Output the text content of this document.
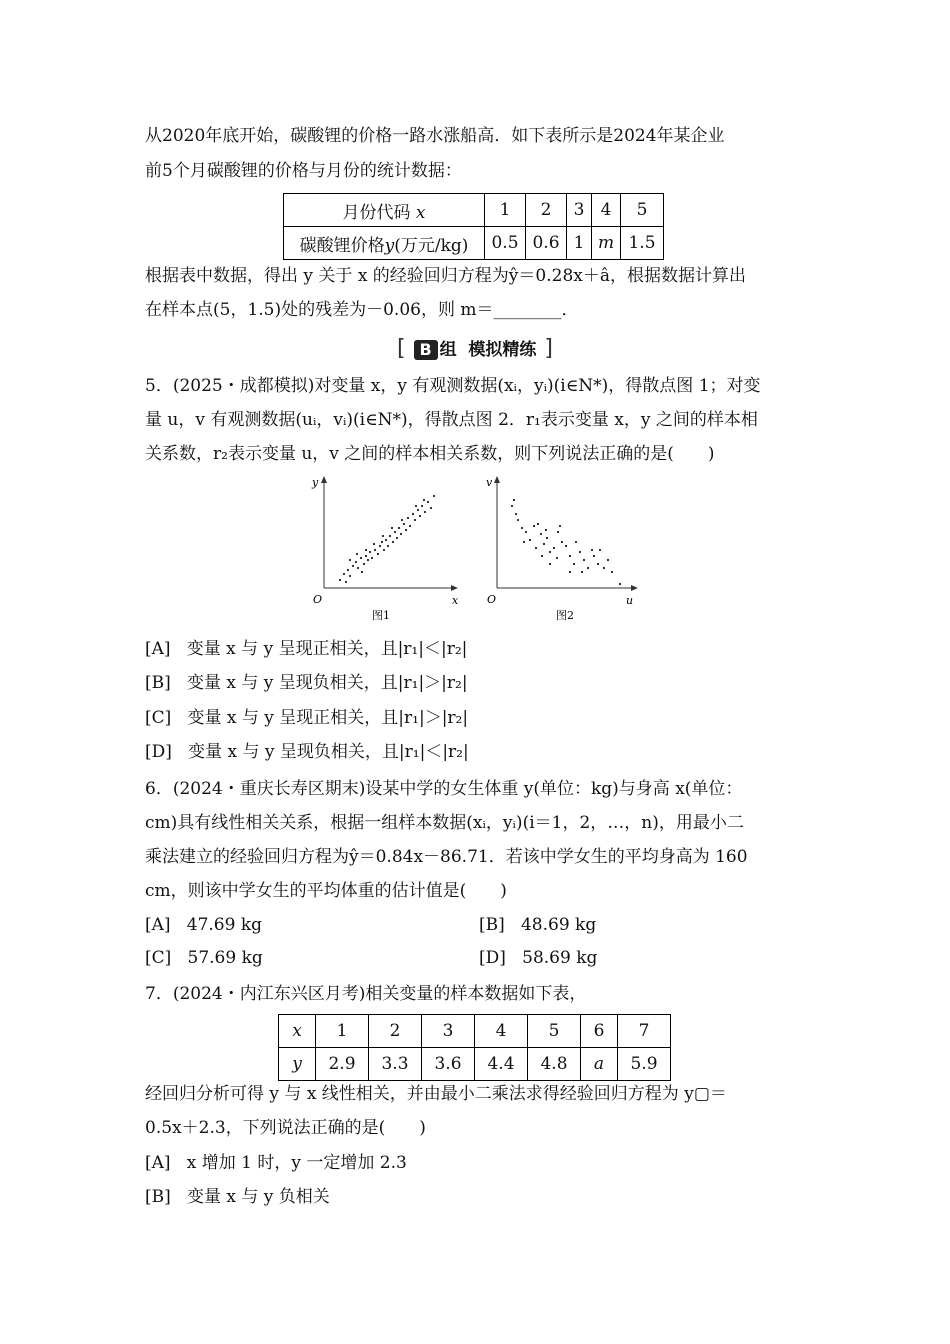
从2020年底开始，碳酸锂的价格一路水涨船高．如下表所示是2024年某企业
前5个月碳酸锂的价格与月份的统计数据：
月份代码 x	1	2	3	4	5
碳酸锂价格y(万元/kg)	0.5	0.6	1	m	1.5
根据表中数据，得出 y 关于 x 的经验回归方程为ŷ＝0.28x＋â，根据数据计算出
在样本点(5，1.5)处的残差为－0.06，则 m＝________．
[ B 组 模拟精练 ]
5．(2025・成都模拟)对变量 x，y 有观测数据(xᵢ，yᵢ)(i∈N*)，得散点图 1；对变
量 u，v 有观测数据(uᵢ，vᵢ)(i∈N*)，得散点图 2．r₁表示变量 x，y 之间的样本相
关系数，r₂表示变量 u，v 之间的样本相关系数，则下列说法正确的是(　　)
y
x
O
图1
v
u
O
图2
[A] 变量 x 与 y 呈现正相关，且|r₁|＜|r₂|
[B] 变量 x 与 y 呈现负相关，且|r₁|＞|r₂|
[C] 变量 x 与 y 呈现正相关，且|r₁|＞|r₂|
[D] 变量 x 与 y 呈现负相关，且|r₁|＜|r₂|
6．(2024・重庆长寿区期末)设某中学的女生体重 y(单位：kg)与身高 x(单位：
cm)具有线性相关关系，根据一组样本数据(xᵢ，yᵢ)(i＝1，2，…，n)，用最小二
乘法建立的经验回归方程为ŷ＝0.84x－86.71．若该中学女生的平均身高为 160
cm，则该中学女生的平均体重的估计值是(　　)
[A] 47.69 kg	[B] 48.69 kg
[C] 57.69 kg	[D] 58.69 kg
7．(2024・内江东兴区月考)相关变量的样本数据如下表，
x	1	2	3	4	5	6	7
y	2.9	3.3	3.6	4.4	4.8	a	5.9
经回归分析可得 y 与 x 线性相关，并由最小二乘法求得经验回归方程为 y▢＝
0.5x＋2.3，下列说法正确的是(　　)
[A] x 增加 1 时，y 一定增加 2.3
[B] 变量 x 与 y 负相关
